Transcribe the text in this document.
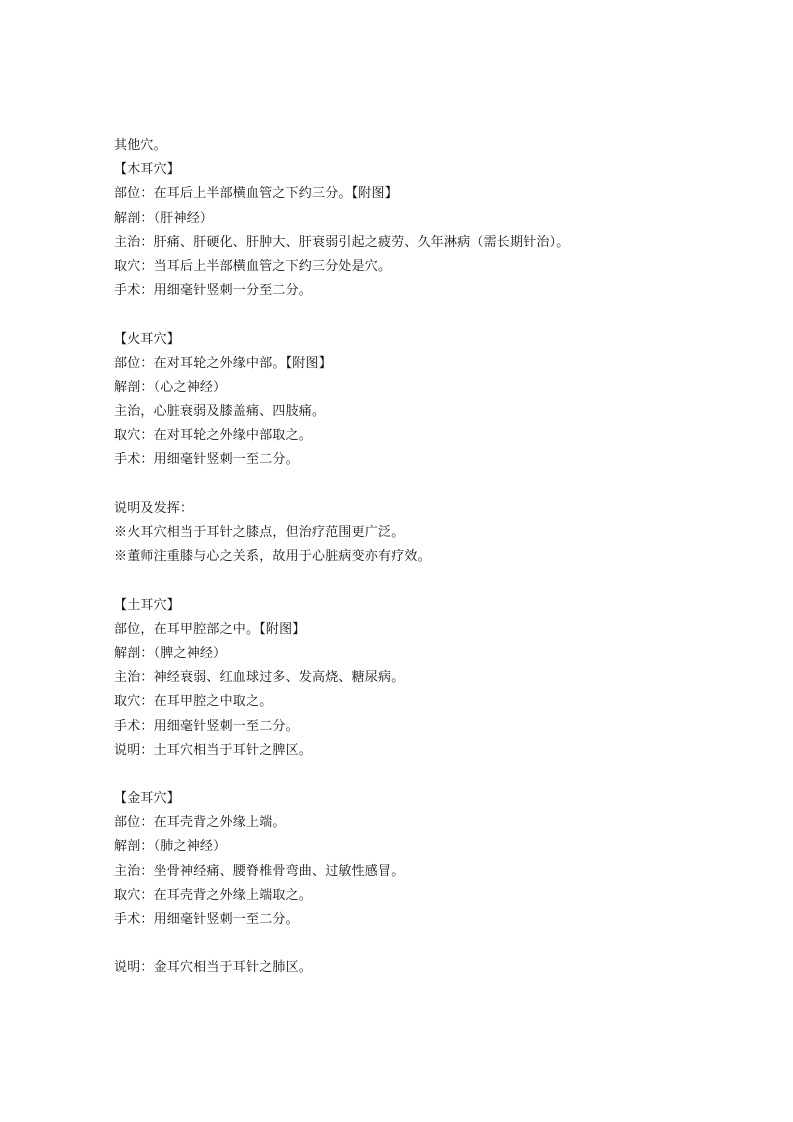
其他穴。
【木耳穴】
部位：在耳后上半部横血管之下约三分。【附图】
解剖：（肝神经）
主治：肝痛、肝硬化、肝肿大、肝衰弱引起之疲劳、久年淋病（需长期针治）。
取穴：当耳后上半部横血管之下约三分处是穴。
手术：用细毫针竖刺一分至二分。
【火耳穴】
部位：在对耳轮之外缘中部。【附图】
解剖：（心之神经）
主治，心脏衰弱及膝盖痛、四肢痛。
取穴：在对耳轮之外缘中部取之。
手术：用细毫针竖刺一至二分。
说明及发挥：
※火耳穴相当于耳针之膝点，但治疗范围更广泛。
※董师注重膝与心之关系，故用于心脏病变亦有疗效。
【土耳穴】
部位，在耳甲腔部之中。【附图】
解剖：（脾之神经）
主治：神经衰弱、红血球过多、发高烧、糖尿病。
取穴：在耳甲腔之中取之。
手术：用细毫针竖刺一至二分。
说明：土耳穴相当于耳针之脾区。
【金耳穴】
部位：在耳壳背之外缘上端。
解剖：（肺之神经）
主治：坐骨神经痛、腰脊椎骨弯曲、过敏性感冒。
取穴：在耳壳背之外缘上端取之。
手术：用细毫针竖刺一至二分。
说明：金耳穴相当于耳针之肺区。
